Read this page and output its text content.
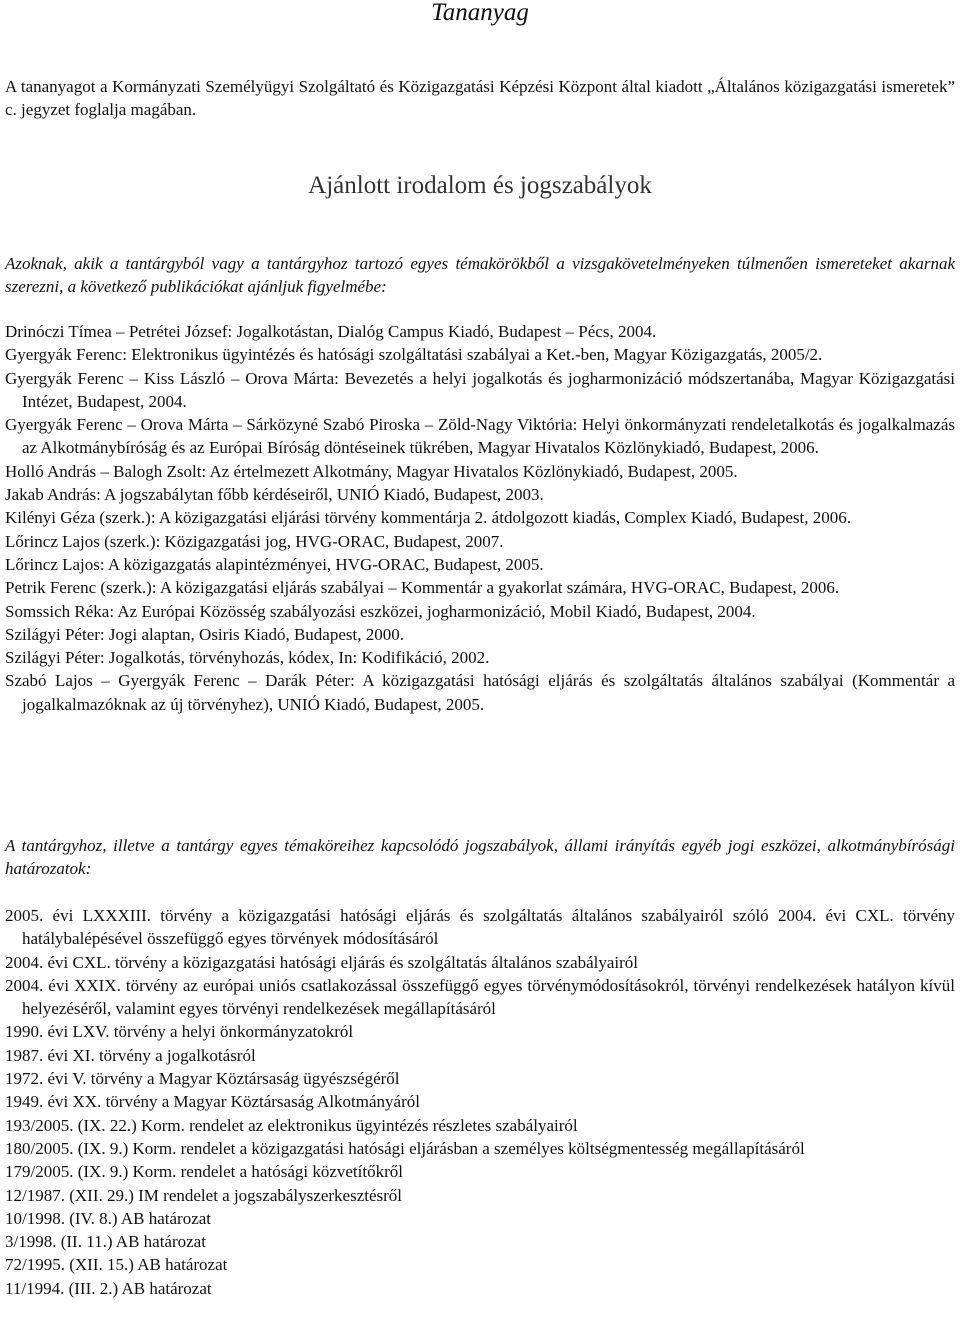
Tananyag

A tananyagot a Kormányzati Személyügyi Szolgáltató és Közigazgatási Képzési Központ által kiadott „Általános közigazgatási ismeretek” c. jegyzet foglalja magában.

Ajánlott irodalom és jogszabályok

Azoknak, akik a tantárgyból vagy a tantárgyhoz tartozó egyes témakörökből a vizsgakövetelményeken túlmenően ismereteket akarnak szerezni, a következő publikációkat ajánljuk figyelmébe:

Drinóczi Tímea – Petrétei József: Jogalkotástan, Dialóg Campus Kiadó, Budapest – Pécs, 2004.
Gyergyák Ferenc: Elektronikus ügyintézés és hatósági szolgáltatási szabályai a Ket.-ben, Magyar Közigazgatás, 2005/2.
Gyergyák Ferenc – Kiss László – Orova Márta: Bevezetés a helyi jogalkotás és jogharmonizáció módszertanába, Magyar Közigazgatási Intézet, Budapest, 2004.
Gyergyák Ferenc – Orova Márta – Sárközyné Szabó Piroska – Zöld-Nagy Viktória: Helyi önkormányzati rendeletalkotás és jogalkalmazás az Alkotmánybíróság és az Európai Bíróság döntéseinek tükrében, Magyar Hivatalos Közlönykiadó, Budapest, 2006.
Holló András – Balogh Zsolt: Az értelmezett Alkotmány, Magyar Hivatalos Közlönykiadó, Budapest, 2005.
Jakab András: A jogszabálytan főbb kérdéseiről, UNIÓ Kiadó, Budapest, 2003.
Kilényi Géza (szerk.): A közigazgatási eljárási törvény kommentárja 2. átdolgozott kiadás, Complex Kiadó, Budapest, 2006.
Lőrincz Lajos (szerk.): Közigazgatási jog, HVG-ORAC, Budapest, 2007.
Lőrincz Lajos: A közigazgatás alapintézményei, HVG-ORAC, Budapest, 2005.
Petrik Ferenc (szerk.): A közigazgatási eljárás szabályai – Kommentár a gyakorlat számára, HVG-ORAC, Budapest, 2006.
Somssich Réka: Az Európai Közösség szabályozási eszközei, jogharmonizáció, Mobil Kiadó, Budapest, 2004.
Szilágyi Péter: Jogi alaptan, Osiris Kiadó, Budapest, 2000.
Szilágyi Péter: Jogalkotás, törvényhozás, kódex, In: Kodifikáció, 2002.
Szabó Lajos – Gyergyák Ferenc – Darák Péter: A közigazgatási hatósági eljárás és szolgáltatás általános szabályai (Kommentár a jogalkalmazóknak az új törvényhez), UNIÓ Kiadó, Budapest, 2005.

A tantárgyhoz, illetve a tantárgy egyes témaköreihez kapcsolódó jogszabályok, állami irányítás egyéb jogi eszközei, alkotmánybírósági határozatok:

2005. évi LXXXIII. törvény a közigazgatási hatósági eljárás és szolgáltatás általános szabályairól szóló 2004. évi CXL. törvény hatálybalépésével összefüggő egyes törvények módosításáról
2004. évi CXL. törvény a közigazgatási hatósági eljárás és szolgáltatás általános szabályairól
2004. évi XXIX. törvény az európai uniós csatlakozással összefüggő egyes törvénymódosításokról, törvényi rendelkezések hatályon kívül helyezéséről, valamint egyes törvényi rendelkezések megállapításáról
1990. évi LXV. törvény a helyi önkormányzatokról
1987. évi XI. törvény a jogalkotásról
1972. évi V. törvény a Magyar Köztársaság ügyészségéről
1949. évi XX. törvény a Magyar Köztársaság Alkotmányáról
193/2005. (IX. 22.) Korm. rendelet az elektronikus ügyintézés részletes szabályairól
180/2005. (IX. 9.) Korm. rendelet a közigazgatási hatósági eljárásban a személyes költségmentesség megállapításáról
179/2005. (IX. 9.) Korm. rendelet a hatósági közvetítőkről
12/1987. (XII. 29.) IM rendelet a jogszabályszerkesztésről
10/1998. (IV. 8.) AB határozat
3/1998. (II. 11.) AB határozat
72/1995. (XII. 15.) AB határozat
11/1994. (III. 2.) AB határozat
